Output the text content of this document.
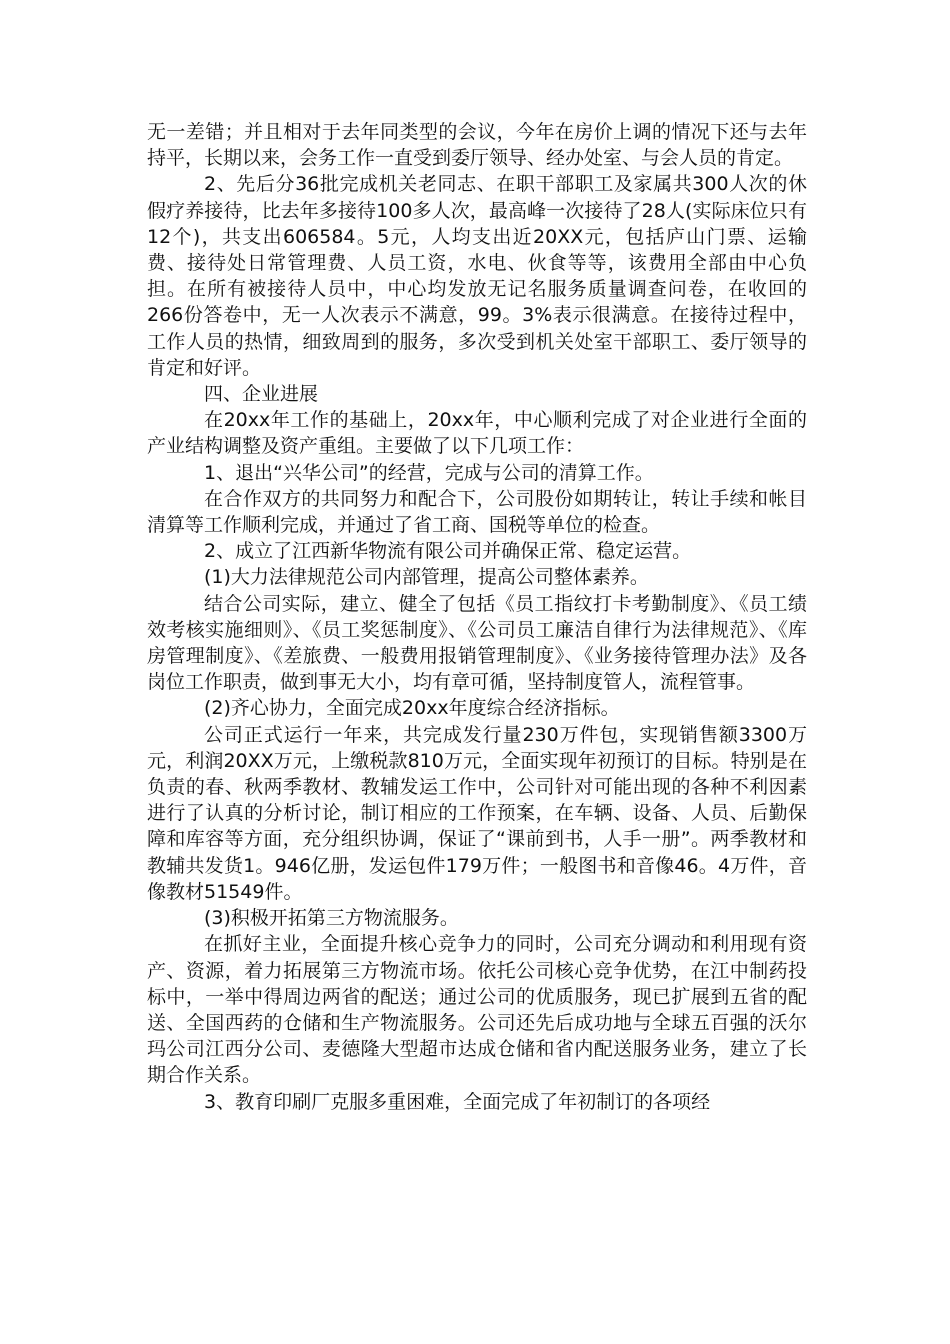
无一差错；并且相对于去年同类型的会议，今年在房价上调的情况下还与去年持平，长期以来，会务工作一直受到委厅领导、经办处室、与会人员的肯定。

2、先后分36批完成机关老同志、在职干部职工及家属共300人次的休假疗养接待，比去年多接待100多人次，最高峰一次接待了28人(实际床位只有12个)，共支出606584。5元，人均支出近20XX元，包括庐山门票、运输费、接待处日常管理费、人员工资，水电、伙食等等，该费用全部由中心负担。在所有被接待人员中，中心均发放无记名服务质量调查问卷，在收回的266份答卷中，无一人次表示不满意，99。3%表示很满意。在接待过程中，工作人员的热情，细致周到的服务，多次受到机关处室干部职工、委厅领导的肯定和好评。

四、企业进展

在20xx年工作的基础上，20xx年，中心顺利完成了对企业进行全面的产业结构调整及资产重组。主要做了以下几项工作：

1、退出“兴华公司”的经营，完成与公司的清算工作。

在合作双方的共同努力和配合下，公司股份如期转让，转让手续和帐目清算等工作顺利完成，并通过了省工商、国税等单位的检查。

2、成立了江西新华物流有限公司并确保正常、稳定运营。

(1)大力法律规范公司内部管理，提高公司整体素养。

结合公司实际，建立、健全了包括《员工指纹打卡考勤制度》、《员工绩效考核实施细则》、《员工奖惩制度》、《公司员工廉洁自律行为法律规范》、《库房管理制度》、《差旅费、一般费用报销管理制度》、《业务接待管理办法》及各岗位工作职责，做到事无大小，均有章可循，坚持制度管人，流程管事。

(2)齐心协力，全面完成20xx年度综合经济指标。

公司正式运行一年来，共完成发行量230万件包，实现销售额3300万元，利润20XX万元，上缴税款810万元，全面实现年初预订的目标。特别是在负责的春、秋两季教材、教辅发运工作中，公司针对可能出现的各种不利因素进行了认真的分析讨论，制订相应的工作预案，在车辆、设备、人员、后勤保障和库容等方面，充分组织协调，保证了“课前到书，人手一册”。两季教材和教辅共发货1。946亿册，发运包件179万件；一般图书和音像46。4万件，音像教材51549件。

(3)积极开拓第三方物流服务。

在抓好主业，全面提升核心竞争力的同时，公司充分调动和利用现有资产、资源，着力拓展第三方物流市场。依托公司核心竞争优势，在江中制药投标中，一举中得周边两省的配送；通过公司的优质服务，现已扩展到五省的配送、全国西药的仓储和生产物流服务。公司还先后成功地与全球五百强的沃尔玛公司江西分公司、麦德隆大型超市达成仓储和省内配送服务业务，建立了长期合作关系。

3、教育印刷厂克服多重困难，全面完成了年初制订的各项经
